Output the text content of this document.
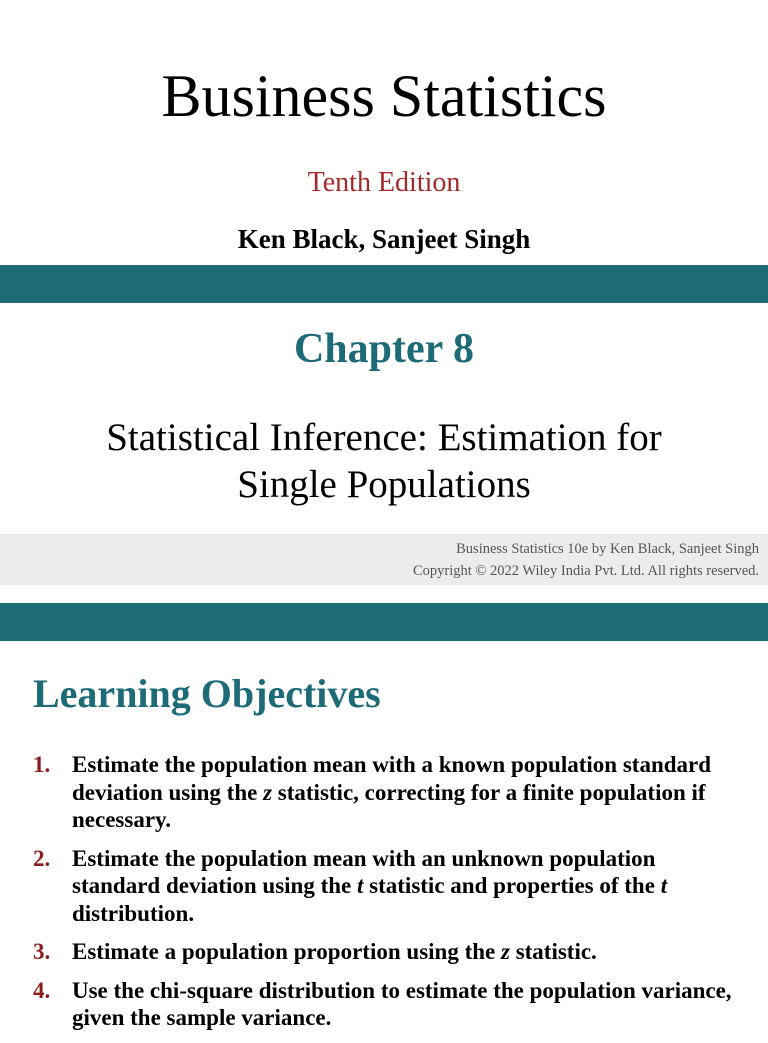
Business Statistics
Tenth Edition
Ken Black, Sanjeet Singh
Chapter 8
Statistical Inference: Estimation for
Single Populations
Business Statistics 10e by Ken Black, Sanjeet Singh
Copyright © 2022 Wiley India Pvt. Ltd. All rights reserved.
Learning Objectives
1. Estimate the population mean with a known population standard deviation using the z statistic, correcting for a finite population if necessary.
2. Estimate the population mean with an unknown population standard deviation using the t statistic and properties of the t distribution.
3. Estimate a population proportion using the z statistic.
4. Use the chi-square distribution to estimate the population variance, given the sample variance.
